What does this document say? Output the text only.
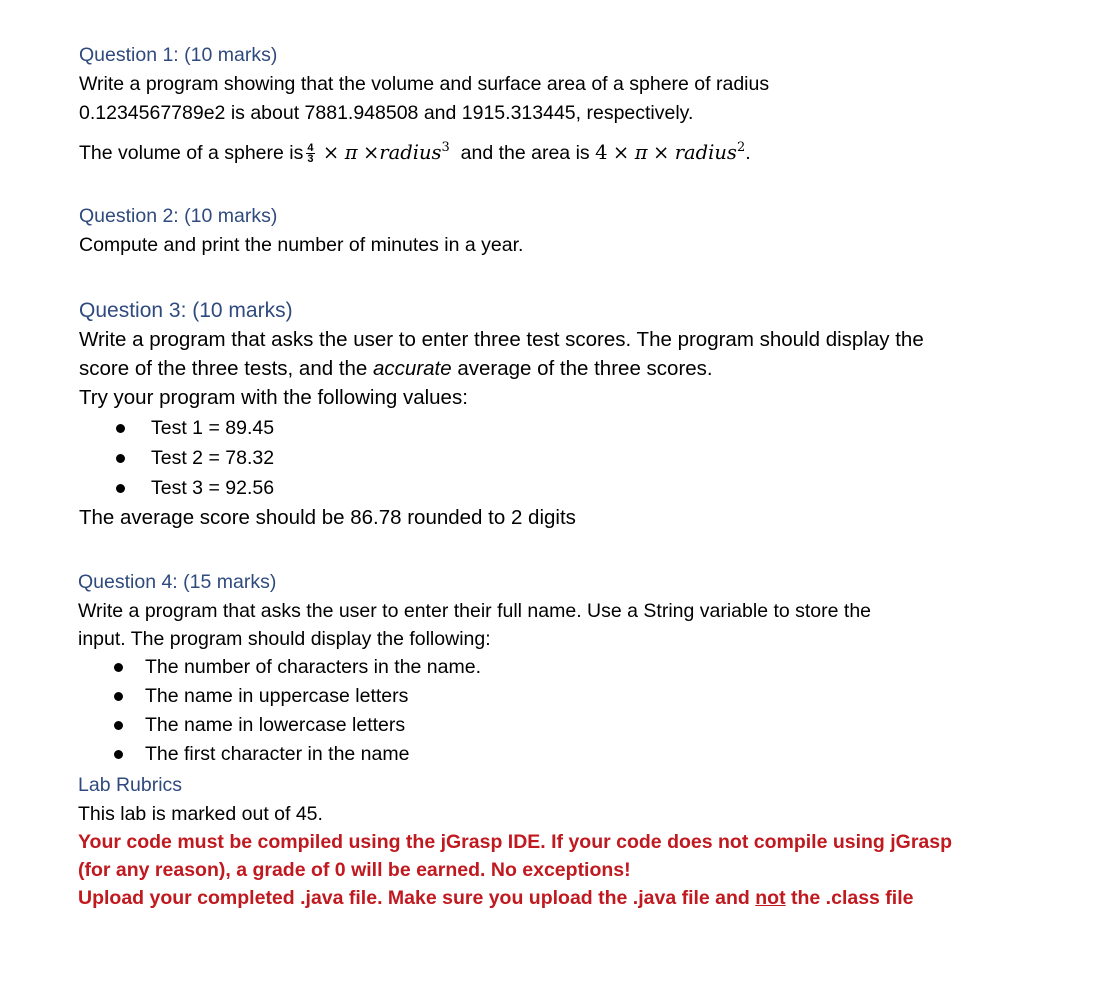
Question 1: (10 marks)
Write a program showing that the volume and surface area of a sphere of radius
0.1234567789e2 is about 7881.948508 and 1915.313445, respectively.
The volume of a sphere is $\frac{4}{3} \times \pi$ ×radius$^3$ and the area is 4 × π × radius$^2$.
Question 2: (10 marks)
Compute and print the number of minutes in a year.
Question 3: (10 marks)
Write a program that asks the user to enter three test scores. The program should display the
score of the three tests, and the accurate average of the three scores.
Try your program with the following values:
Test 1 = 89.45
Test 2 = 78.32
Test 3 = 92.56
The average score should be 86.78 rounded to 2 digits
Question 4: (15 marks)
Write a program that asks the user to enter their full name. Use a String variable to store the
input. The program should display the following:
The number of characters in the name.
The name in uppercase letters
The name in lowercase letters
The first character in the name
Lab Rubrics
This lab is marked out of 45.
Your code must be compiled using the jGrasp IDE. If your code does not compile using jGrasp
(for any reason), a grade of 0 will be earned. No exceptions!
Upload your completed .java file. Make sure you upload the .java file and not the .class file
